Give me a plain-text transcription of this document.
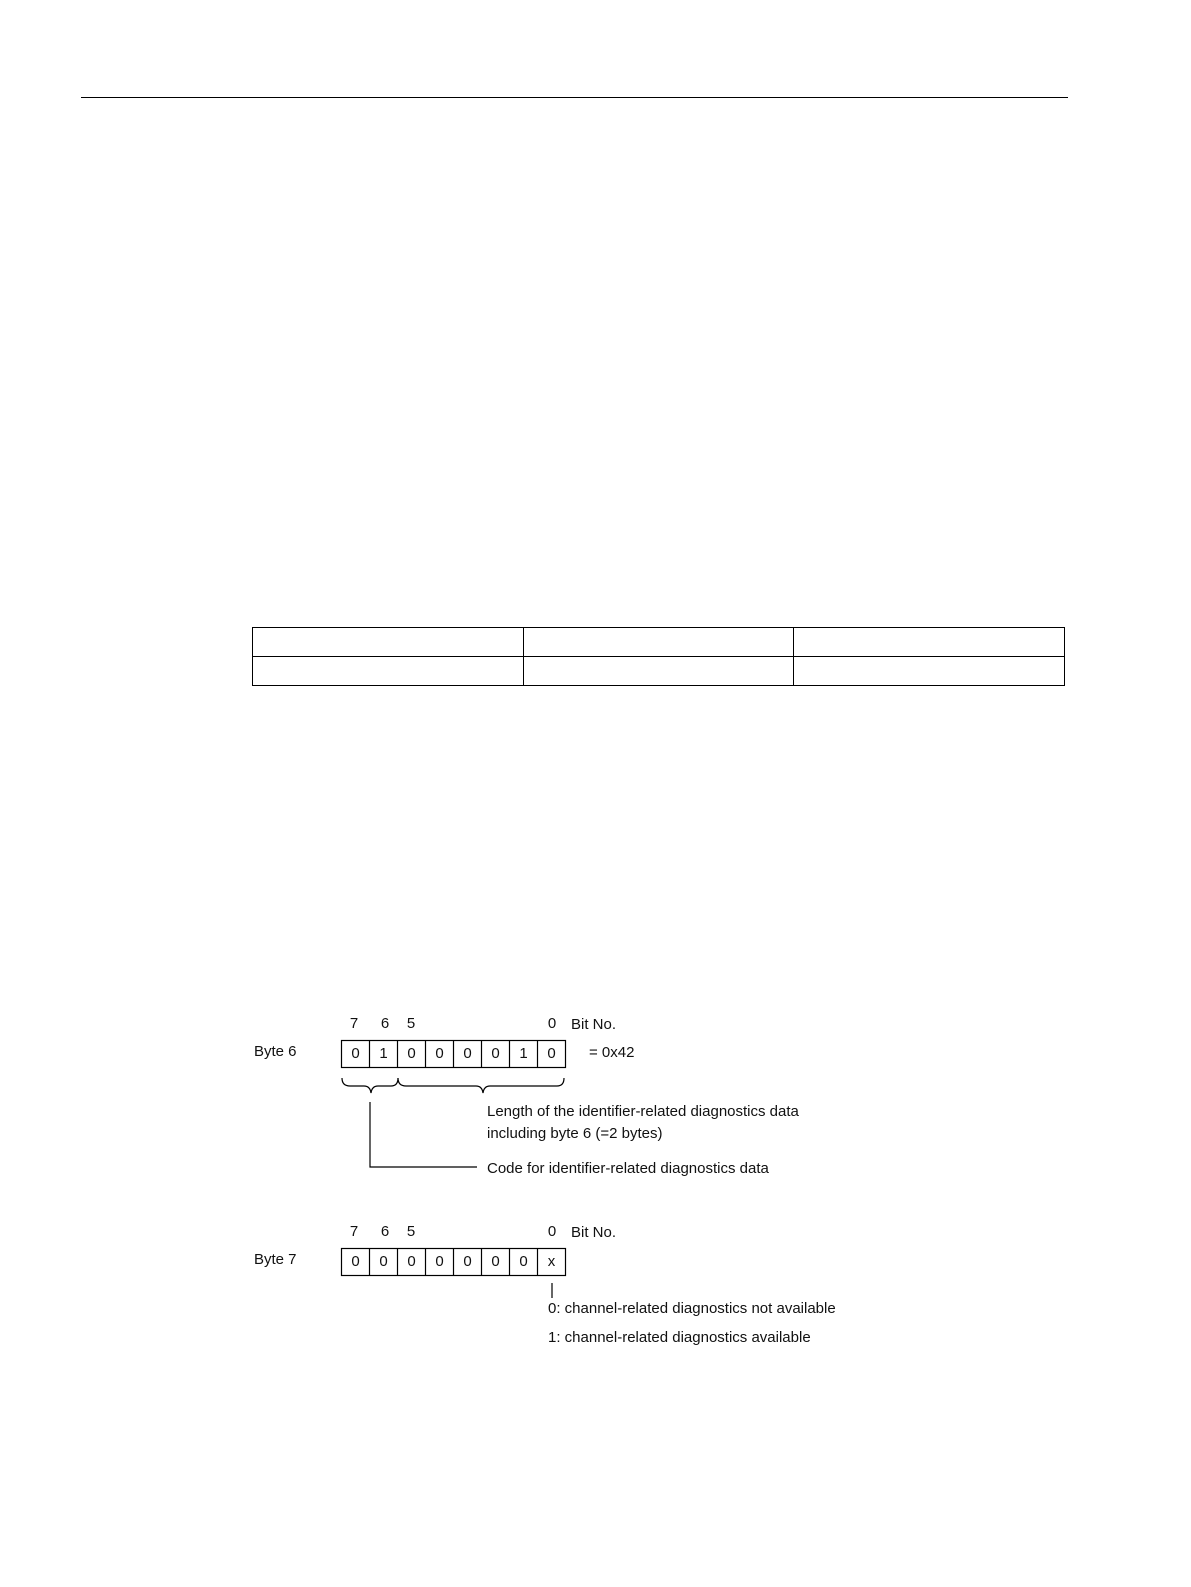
7 6 5	0 Bit No.
Byte 6	0 1 0 0 0 0 1 0 = 0x42
Length of the identifier-related diagnostics data
including byte 6 (=2 bytes)
Code for identifier-related diagnostics data
7 6 5	0 Bit No.
Byte 7	0 0 0 0 0 0 0 x
0: channel-related diagnostics not available
1: channel-related diagnostics available
